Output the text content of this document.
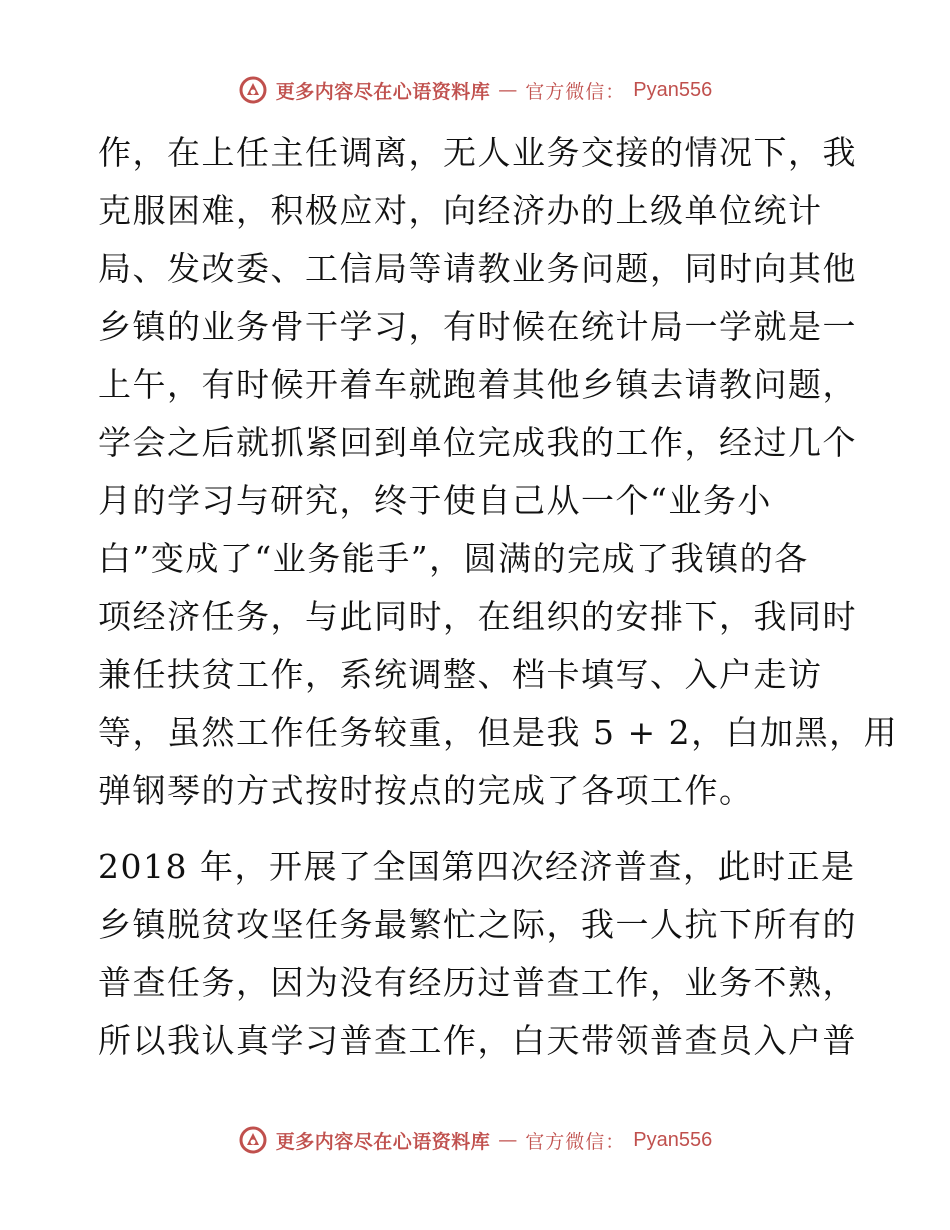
更多内容尽在心语资料库 — 官方微信： Pyan556
作，在上任主任调离，无人业务交接的情况下，我
克服困难，积极应对，向经济办的上级单位统计
局、发改委、工信局等请教业务问题，同时向其他
乡镇的业务骨干学习，有时候在统计局一学就是一
上午，有时候开着车就跑着其他乡镇去请教问题，
学会之后就抓紧回到单位完成我的工作，经过几个
月的学习与研究，终于使自己从一个“业务小
白”变成了“业务能手”，圆满的完成了我镇的各
项经济任务，与此同时，在组织的安排下，我同时
兼任扶贫工作，系统调整、档卡填写、入户走访
等，虽然工作任务较重，但是我 5 + 2，白加黑，用
弹钢琴的方式按时按点的完成了各项工作。
2018 年，开展了全国第四次经济普查，此时正是
乡镇脱贫攻坚任务最繁忙之际，我一人抗下所有的
普查任务，因为没有经历过普查工作，业务不熟，
所以我认真学习普查工作，白天带领普查员入户普
更多内容尽在心语资料库 — 官方微信： Pyan556
